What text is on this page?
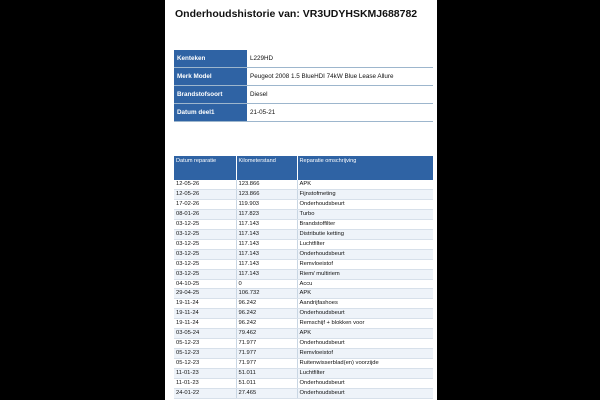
Onderhoudshistorie van: VR3UDYHSKMJ688782
Kenteken	L229HD
Merk Model	Peugeot 2008 1.5 BlueHDI 74kW Blue Lease Allure
Brandstofsoort	Diesel
Datum deel1	21-05-21
Datum reparatie	Kilometerstand	Reparatie omschrijving
12-05-26	123.866	APK
12-05-26	123.866	Fijnstofmeting
17-02-26	119.903	Onderhoudsbeurt
08-01-26	117.823	Turbo
03-12-25	117.143	Brandstoffilter
03-12-25	117.143	Distributie ketting
03-12-25	117.143	Luchtfilter
03-12-25	117.143	Onderhoudsbeurt
03-12-25	117.143	Remvloeistof
03-12-25	117.143	Riem/ multiriem
04-10-25	0	Accu
29-04-25	106.732	APK
19-11-24	96.242	Aandrijfashoes
19-11-24	96.242	Onderhoudsbeurt
19-11-24	96.242	Remschijf + blokken voor
03-05-24	79.462	APK
05-12-23	71.977	Onderhoudsbeurt
05-12-23	71.977	Remvloeistof
05-12-23	71.977	Ruitenwisserblad(en) voorzijde
11-01-23	51.011	Luchtfilter
11-01-23	51.011	Onderhoudsbeurt
24-01-22	27.465	Onderhoudsbeurt
